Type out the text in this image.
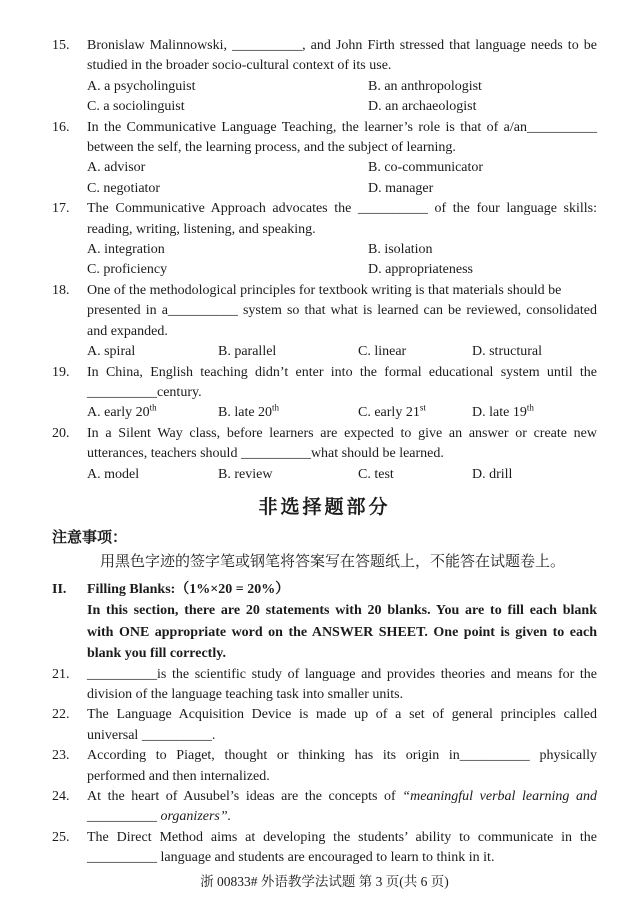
15.	Bronislaw Malinnowski, __________, and John Firth stressed that language needs to be
studied in the broader socio-cultural context of its use.
A. a psycholinguist	B. an anthropologist
C. a sociolinguist	D. an archaeologist
16.	In the Communicative Language Teaching, the learner’s role is that of a/an__________
between the self, the learning process, and the subject of learning.
A. advisor	B. co-communicator
C. negotiator	D. manager
17.	The Communicative Approach advocates the __________ of the four language skills:
reading, writing, listening, and speaking.
A. integration	B. isolation
C. proficiency	D. appropriateness
18.	One of the methodological principles for textbook writing is that materials should be
presented in a__________ system so that what is learned can be reviewed, consolidated
and expanded.
A. spiral	B. parallel	C. linear	D. structural
19.	In China, English teaching didn’t enter into the formal educational system until the
__________century.
A. early 20th	B. late 20th	C. early 21st	D. late 19th
20.	In a Silent Way class, before learners are expected to give an answer or create new
utterances, teachers should __________what should be learned.
A. model	B. review	C. test	D. drill
非选择题部分
注意事项：
用黑色字迹的签字笔或钢笔将答案写在答题纸上，不能答在试题卷上。
II.	Filling Blanks:（1%×20 = 20%）
In this section, there are 20 statements with 20 blanks. You are to fill each blank
with ONE appropriate word on the ANSWER SHEET. One point is given to each
blank you fill correctly.
21.	__________is the scientific study of language and provides theories and means for the
division of the language teaching task into smaller units.
22.	The Language Acquisition Device is made up of a set of general principles called
universal __________.
23.	According to Piaget, thought or thinking has its origin in__________ physically
performed and then internalized.
24.	At the heart of Ausubel’s ideas are the concepts of “meaningful verbal learning and
__________ organizers”.
25.	The Direct Method aims at developing the students’ ability to communicate in the
__________ language and students are encouraged to learn to think in it.
浙 00833# 外语教学法试题 第 3 页(共 6 页)
